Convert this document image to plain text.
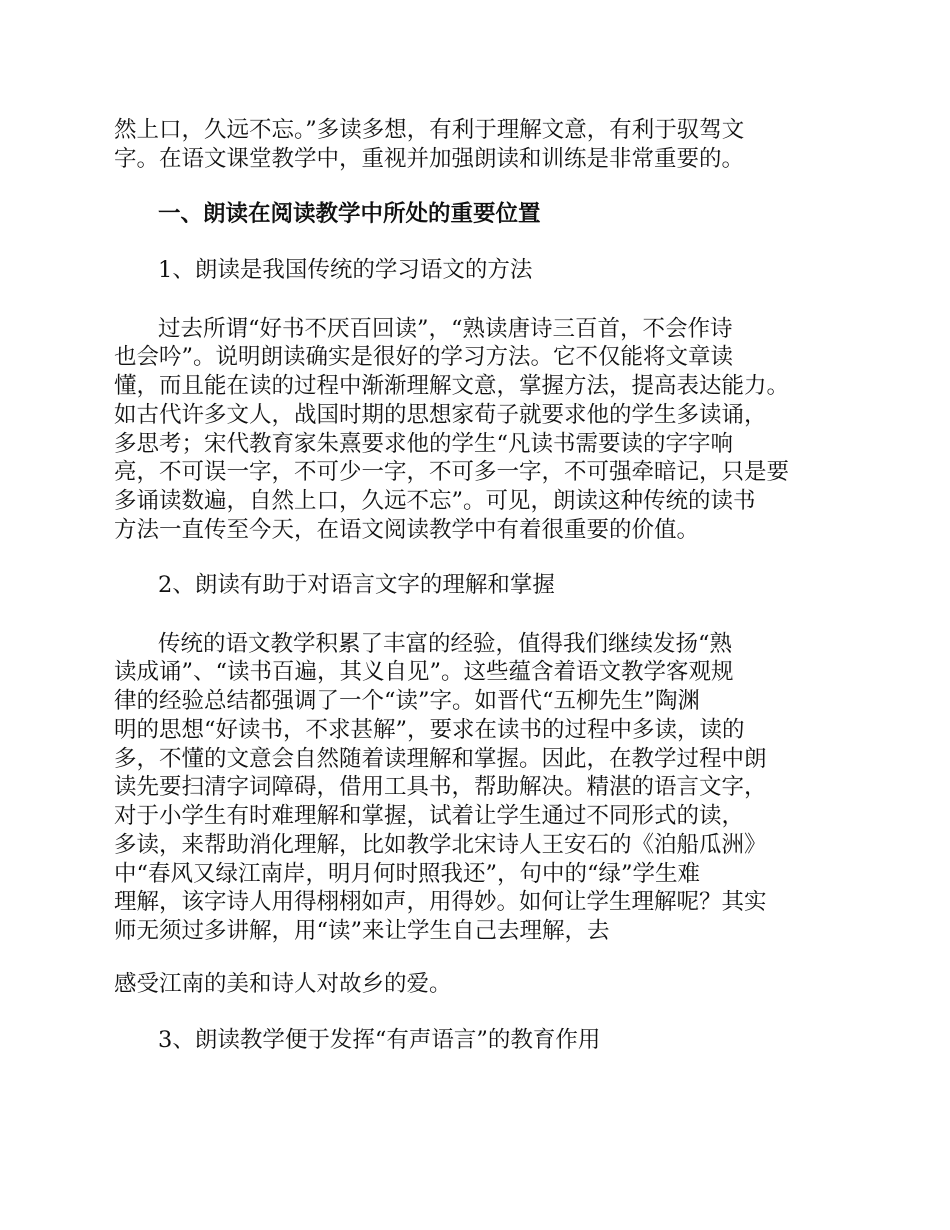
然上口，久远不忘。”多读多想，有利于理解文意，有利于驭驾文
字。在语文课堂教学中，重视并加强朗读和训练是非常重要的。
一、朗读在阅读教学中所处的重要位置
1、朗读是我国传统的学习语文的方法
过去所谓“好书不厌百回读”，“熟读唐诗三百首，不会作诗
也会吟”。说明朗读确实是很好的学习方法。它不仅能将文章读
懂，而且能在读的过程中渐渐理解文意，掌握方法，提高表达能力。
如古代许多文人，战国时期的思想家荀子就要求他的学生多读诵，
多思考；宋代教育家朱熹要求他的学生“凡读书需要读的字字响
亮，不可误一字，不可少一字，不可多一字，不可强牵暗记，只是要
多诵读数遍，自然上口，久远不忘”。可见，朗读这种传统的读书
方法一直传至今天，在语文阅读教学中有着很重要的价值。
2、朗读有助于对语言文字的理解和掌握
传统的语文教学积累了丰富的经验，值得我们继续发扬“熟
读成诵”、“读书百遍，其义自见”。这些蕴含着语文教学客观规
律的经验总结都强调了一个“读”字。如晋代“五柳先生”陶渊
明的思想“好读书，不求甚解”，要求在读书的过程中多读，读的
多，不懂的文意会自然随着读理解和掌握。因此，在教学过程中朗
读先要扫清字词障碍，借用工具书，帮助解决。精湛的语言文字，
对于小学生有时难理解和掌握，试着让学生通过不同形式的读，
多读，来帮助消化理解，比如教学北宋诗人王安石的《泊船瓜洲》
中“春风又绿江南岸，明月何时照我还”，句中的“绿”学生难
理解，该字诗人用得栩栩如声，用得妙。如何让学生理解呢？其实
师无须过多讲解，用“读”来让学生自己去理解，去
感受江南的美和诗人对故乡的爱。
3、朗读教学便于发挥“有声语言”的教育作用
